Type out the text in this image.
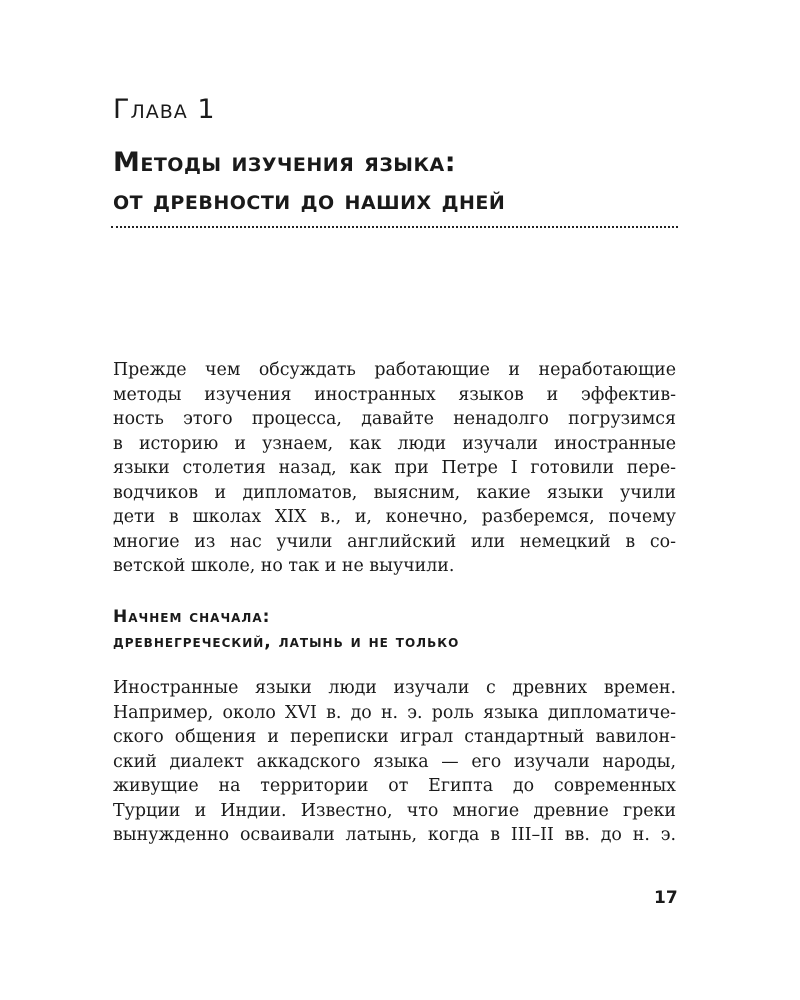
Глава 1
Методы изучения языка:
от древности до наших дней

Прежде чем обсуждать работающие и неработающие
методы изучения иностранных языков и эффектив-
ность этого процесса, давайте ненадолго погрузимся
в историю и узнаем, как люди изучали иностранные
языки столетия назад, как при Петре I готовили пере-
водчиков и дипломатов, выясним, какие языки учили
дети в школах XIX в., и, конечно, разберемся, почему
многие из нас учили английский или немецкий в со-
ветской школе, но так и не выучили.

Начнем сначала:
древнегреческий, латынь и не только

Иностранные языки люди изучали с древних времен.
Например, около XVI в. до н. э. роль языка дипломатиче-
ского общения и переписки играл стандартный вавилон-
ский диалект аккадского языка — его изучали народы,
живущие на территории от Египта до современных
Турции и Индии. Известно, что многие древние греки
вынужденно осваивали латынь, когда в III–II вв. до н. э.

17
